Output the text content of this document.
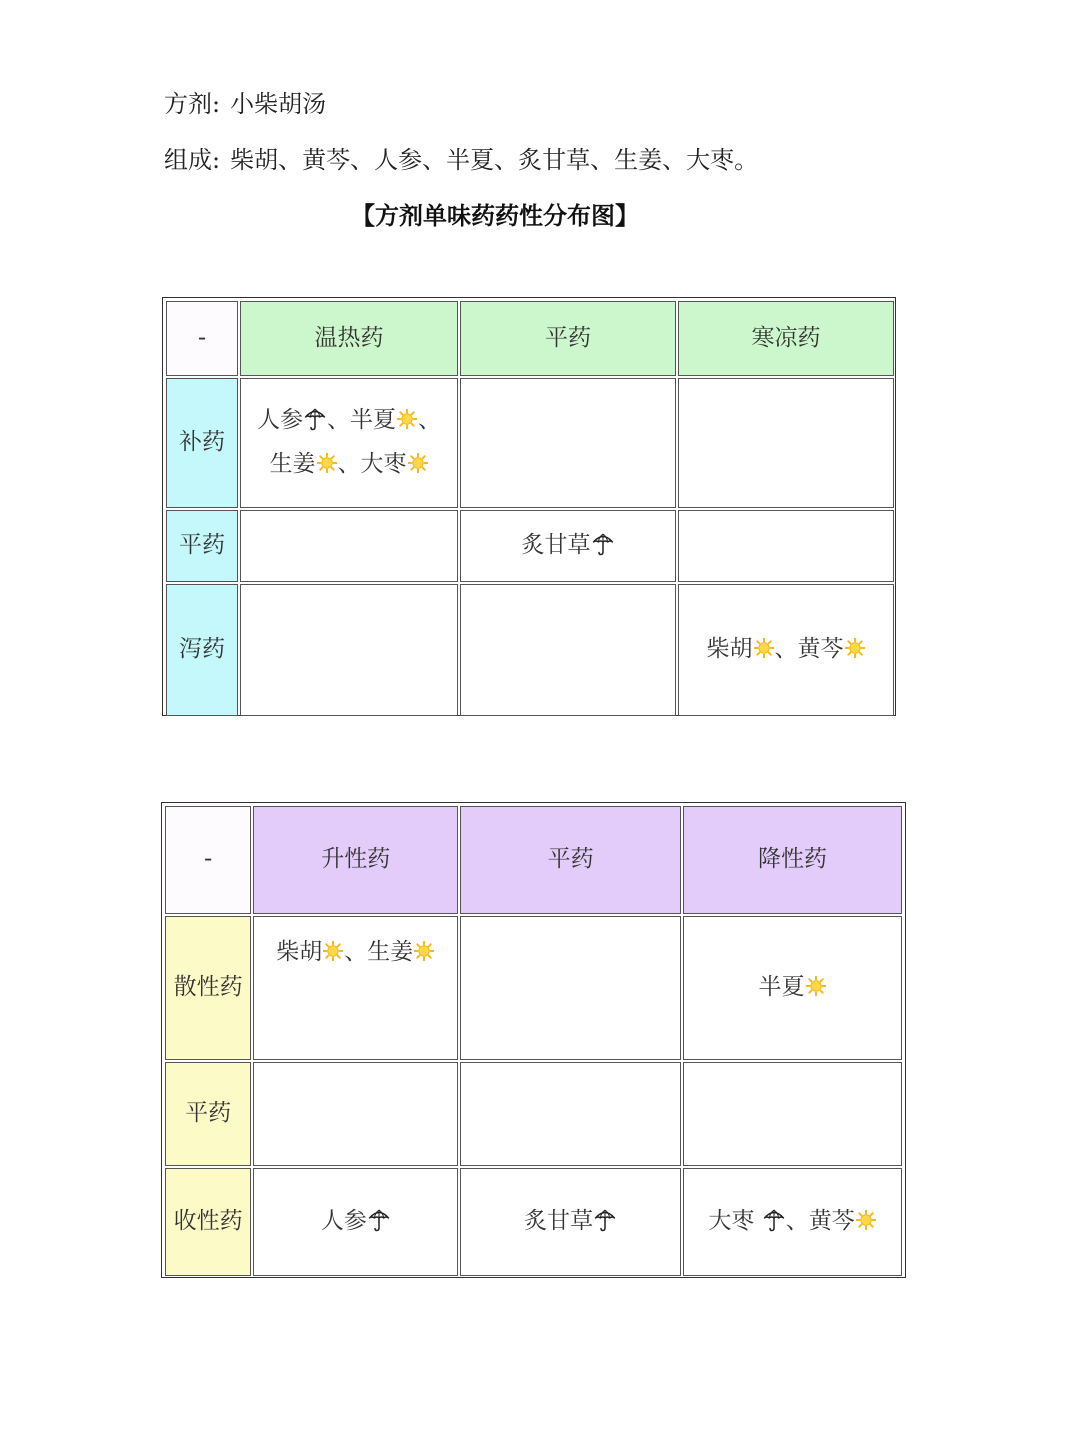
方剂: 小柴胡汤
组成: 柴胡、黄芩、人参、半夏、炙甘草、生姜、大枣。
【方剂单味药药性分布图】
-	温热药	平药	寒凉药
补药	人参 、半夏 、
生姜 、大枣		

平药		炙甘草	

泻药			柴胡 、黄芩
-	升性药	平药	降性药
散性药	柴胡 、生姜		半夏

平药			
收性药	人参	炙甘草	大枣 、黄芩
